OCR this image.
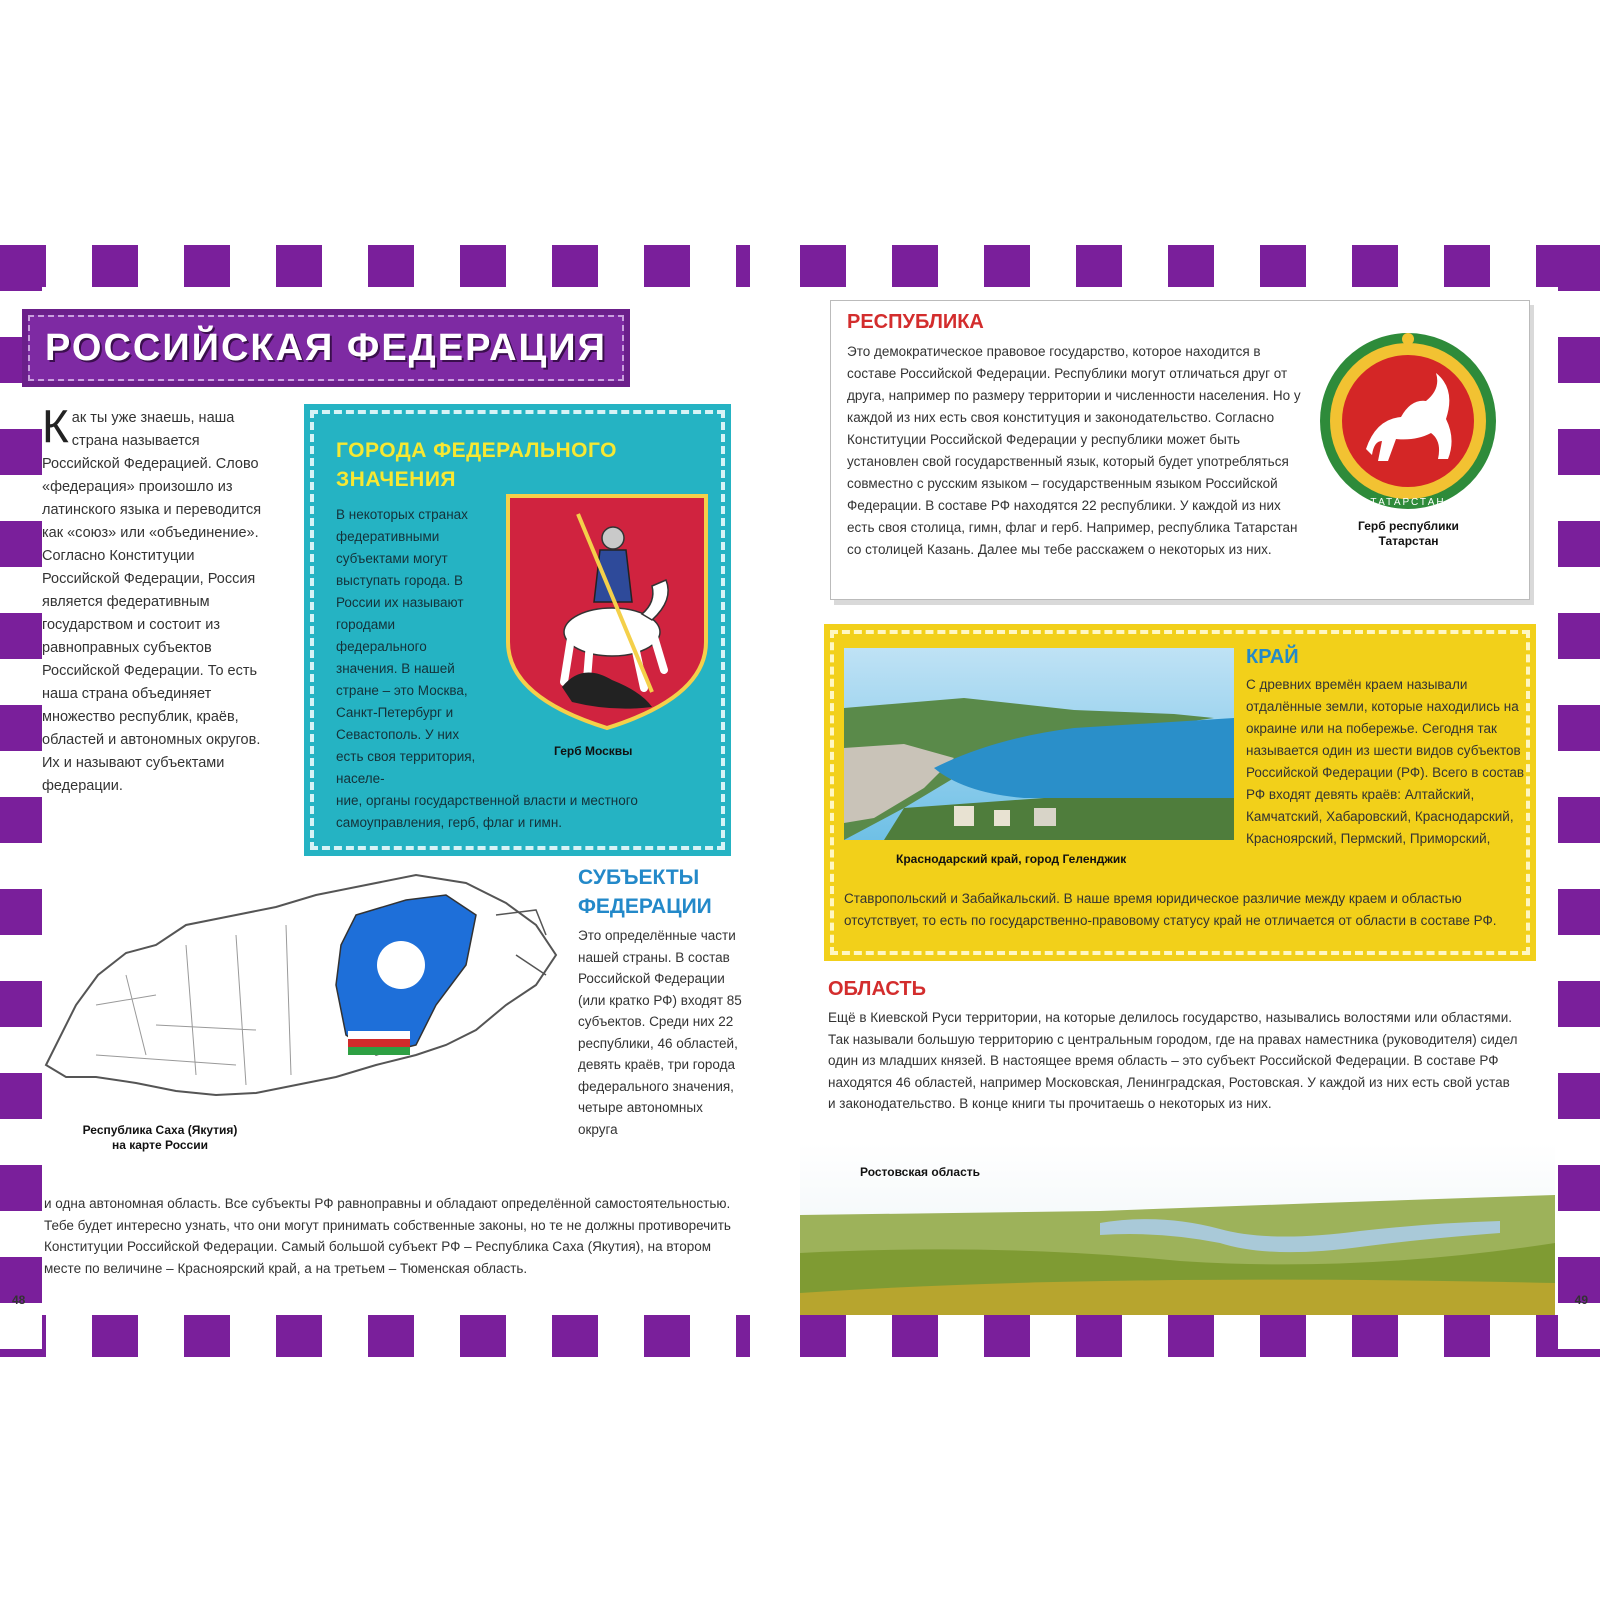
РОССИЙСКАЯ ФЕДЕРАЦИЯ
Как ты уже знаешь, наша страна называется Российской Федерацией. Слово «федерация» произошло из латинского языка и переводится как «союз» или «объединение». Согласно Конституции Российской Федерации, Россия является федеративным государством и состоит из равноправных субъектов Российской Федерации. То есть наша страна объединяет множество республик, краёв, областей и автономных округов. Их и называют субъектами федерации.
ГОРОДА ФЕДЕРАЛЬНОГО ЗНАЧЕНИЯ
В некоторых странах федеративными субъектами могут выступать города. В России их называют городами федерального значения. В нашей стране – это Москва, Санкт-Петербург и Севастополь. У них есть своя территория, населе-
ние, органы государственной власти и местного самоуправления, герб, флаг и гимн.
Герб Москвы
Республика Саха (Якутия) на карте России
СУБЪЕКТЫ ФЕДЕРАЦИИ
Это определённые части нашей страны. В состав Российской Федерации (или кратко РФ) входят 85 субъектов. Среди них 22 республики, 46 областей, девять краёв, три города федерального значения, четыре автономных округа
и одна автономная область. Все субъекты РФ равноправны и обладают определённой самостоятельностью. Тебе будет интересно узнать, что они могут принимать собственные законы, но те не должны противоречить Конституции Российской Федерации. Самый большой субъект РФ – Республика Саха (Якутия), на втором месте по величине – Красноярский край, а на третьем – Тюменская область.
48
РЕСПУБЛИКА
Это демократическое правовое государство, которое находится в составе Российской Федерации. Республики могут отличаться друг от друга, например по размеру территории и численности населения. Но у каждой из них есть своя конституция и законодательство. Согласно Конституции Российской Федерации у республики может быть установлен свой государственный язык, который будет употребляться совместно с русским языком – государственным языком Российской Федерации. В составе РФ находятся 22 республики. У каждой из них есть своя столица, гимн, флаг и герб. Например, республика Татарстан со столицей Казань. Далее мы тебе расскажем о некоторых из них.
ТАТАРСТАН
Герб республики Татарстан
Краснодарский край, город Геленджик
КРАЙ
С древних времён краем называли отдалённые земли, которые находились на окраине или на побережье. Сегодня так называется один из шести видов субъектов Российской Федерации (РФ). Всего в состав РФ входят девять краёв: Алтайский, Камчатский, Хабаровский, Краснодарский, Красноярский, Пермский, Приморский,
Ставропольский и Забайкальский. В наше время юридическое различие между краем и областью отсутствует, то есть по государственно-правовому статусу край не отличается от области в составе РФ.
ОБЛАСТЬ
Ещё в Киевской Руси территории, на которые делилось государство, назывались волостями или областями. Так называли большую территорию с центральным городом, где на правах наместника (руководителя) сидел один из младших князей. В настоящее время область – это субъект Российской Федерации. В составе РФ находятся 46 областей, например Московская, Ленинградская, Ростовская. У каждой из них есть свой устав и законодательство. В конце книги ты прочитаешь о некоторых из них.
Ростовская область
49
